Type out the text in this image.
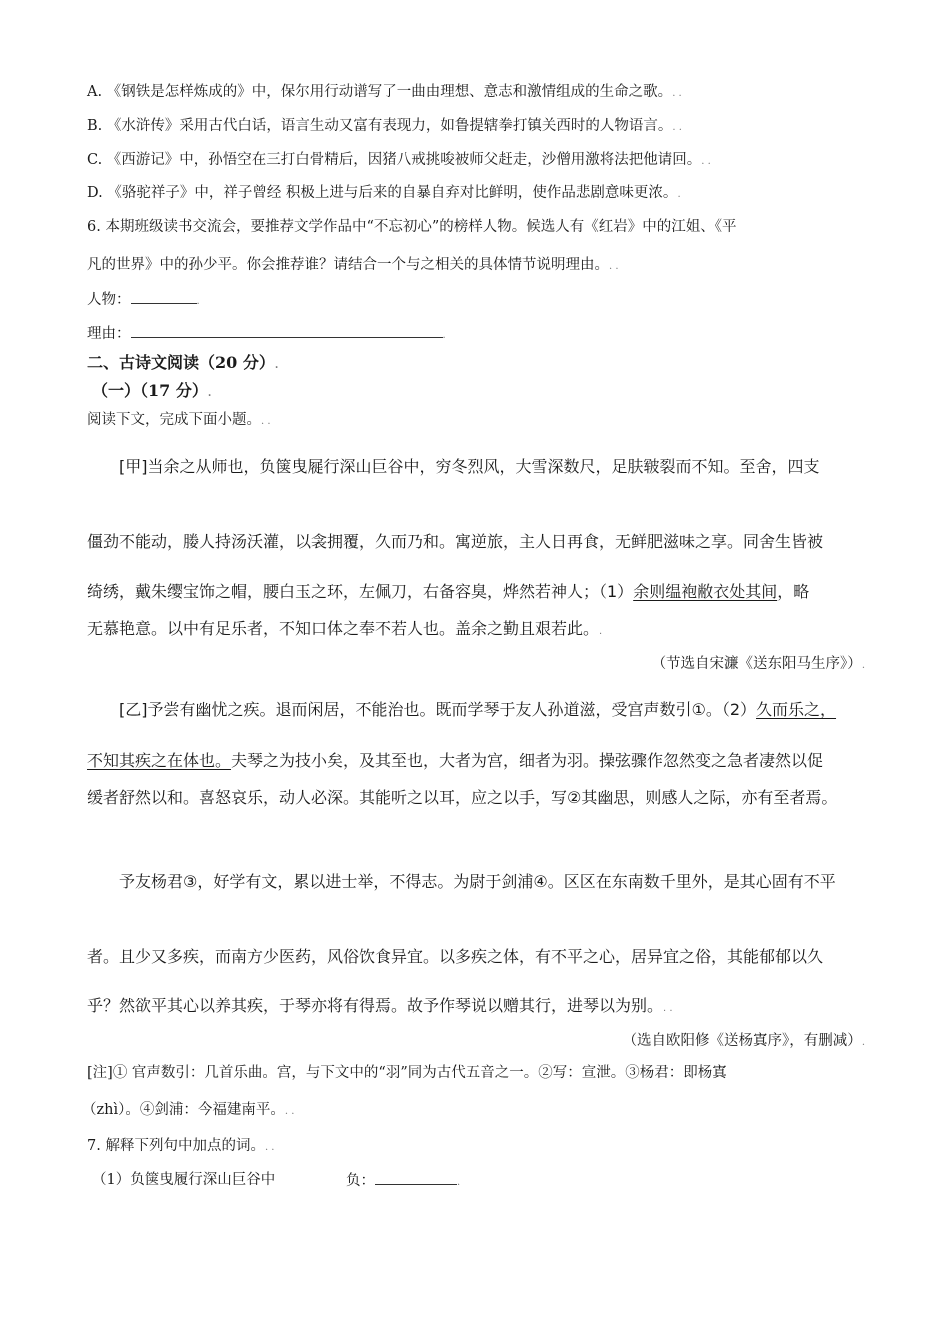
A. 《钢铁是怎样炼成的》中，保尔用行动谱写了一曲由理想、意志和激情组成的生命之歌。. .
B. 《水浒传》采用古代白话，语言生动又富有表现力，如鲁提辖拳打镇关西时的人物语言。. .
C. 《西游记》中，孙悟空在三打白骨精后，因猪八戒挑唆被师父赶走，沙僧用激将法把他请回。. .
D. 《骆驼祥子》中，祥子曾经 积极上进与后来的自暴自弃对比鲜明，使作品悲剧意味更浓。.
6. 本期班级读书交流会，要推荐文学作品中“不忘初心”的榜样人物。候选人有《红岩》中的江姐、《平
凡的世界》中的孙少平。你会推荐谁？请结合一个与之相关的具体情节说明理由。. .
人物：	.
理由：	.
二、古诗文阅读（20 分）.
（一）（17 分）.
阅读下文，完成下面小题。. .
[甲]当余之从师也，负箧曳屣行深山巨谷中，穷冬烈风，大雪深数尺，足肤皲裂而不知。至舍，四支
僵劲不能动，媵人持汤沃灌，以衾拥覆，久而乃和。寓逆旅，主人日再食，无鲜肥滋味之享。同舍生皆被
绮绣，戴朱缨宝饰之帽，腰白玉之环，左佩刀，右备容臭，烨然若神人；（1）余则缊袍敝衣处其间，略
无慕艳意。以中有足乐者，不知口体之奉不若人也。盖余之勤且艰若此。.
（节选自宋濂《送东阳马生序》）.
[乙]予尝有幽忧之疾。退而闲居，不能治也。既而学琴于友人孙道滋，受宫声数引①。（2）久而乐之，
不知其疾之在体也。夫琴之为技小矣，及其至也，大者为宫，细者为羽。操弦骤作忽然变之急者凄然以促
缓者舒然以和。喜怒哀乐，动人必深。其能听之以耳，应之以手，写②其幽思，则感人之际，亦有至者焉。
予友杨君③，好学有文，累以进士举，不得志。为尉于剑浦④。区区在东南数千里外，是其心固有不平
者。且少又多疾，而南方少医药，风俗饮食异宜。以多疾之体，有不平之心，居异宜之俗，其能郁郁以久
乎？然欲平其心以养其疾，于琴亦将有得焉。故予作琴说以赠其行，进琴以为别。. .
（选自欧阳修《送杨寘序》，有删减）.
[注]① 官声数引：几首乐曲。宫，与下文中的“羽”同为古代五音之一。②写：宣泄。③杨君：即杨寘
（zhì）。④剑浦：今福建南平。. .
7. 解释下列句中加点的词。. .
（1）负箧曳履行深山巨谷中	负：	.
